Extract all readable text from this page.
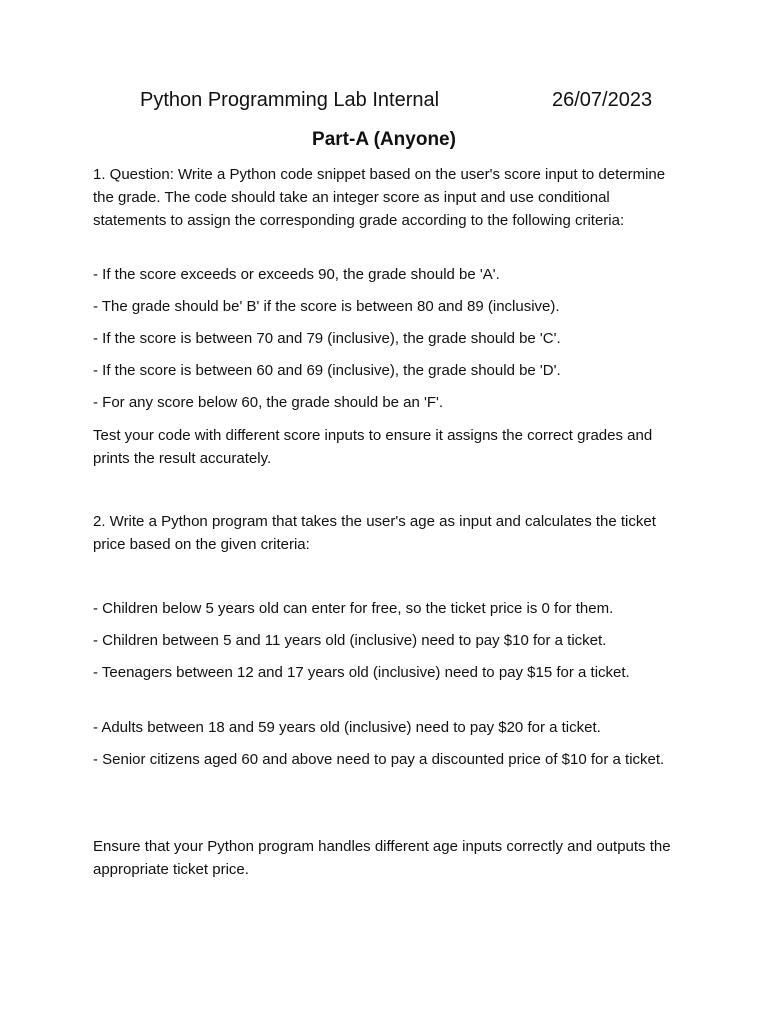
Python Programming Lab Internal	26/07/2023
Part-A (Anyone)

1. Question: Write a Python code snippet based on the user's score input to determine the grade. The code should take an integer score as input and use conditional statements to assign the corresponding grade according to the following criteria:

- If the score exceeds or exceeds 90, the grade should be 'A'.

- The grade should be' B' if the score is between 80 and 89 (inclusive).

- If the score is between 70 and 79 (inclusive), the grade should be 'C'.

- If the score is between 60 and 69 (inclusive), the grade should be 'D'.

- For any score below 60, the grade should be an 'F'.

Test your code with different score inputs to ensure it assigns the correct grades and prints the result accurately.

2. Write a Python program that takes the user's age as input and calculates the ticket price based on the given criteria:

- Children below 5 years old can enter for free, so the ticket price is 0 for them.

- Children between 5 and 11 years old (inclusive) need to pay $10 for a ticket.

- Teenagers between 12 and 17 years old (inclusive) need to pay $15 for a ticket.

- Adults between 18 and 59 years old (inclusive) need to pay $20 for a ticket.

- Senior citizens aged 60 and above need to pay a discounted price of $10 for a ticket.

Ensure that your Python program handles different age inputs correctly and outputs the appropriate ticket price.
